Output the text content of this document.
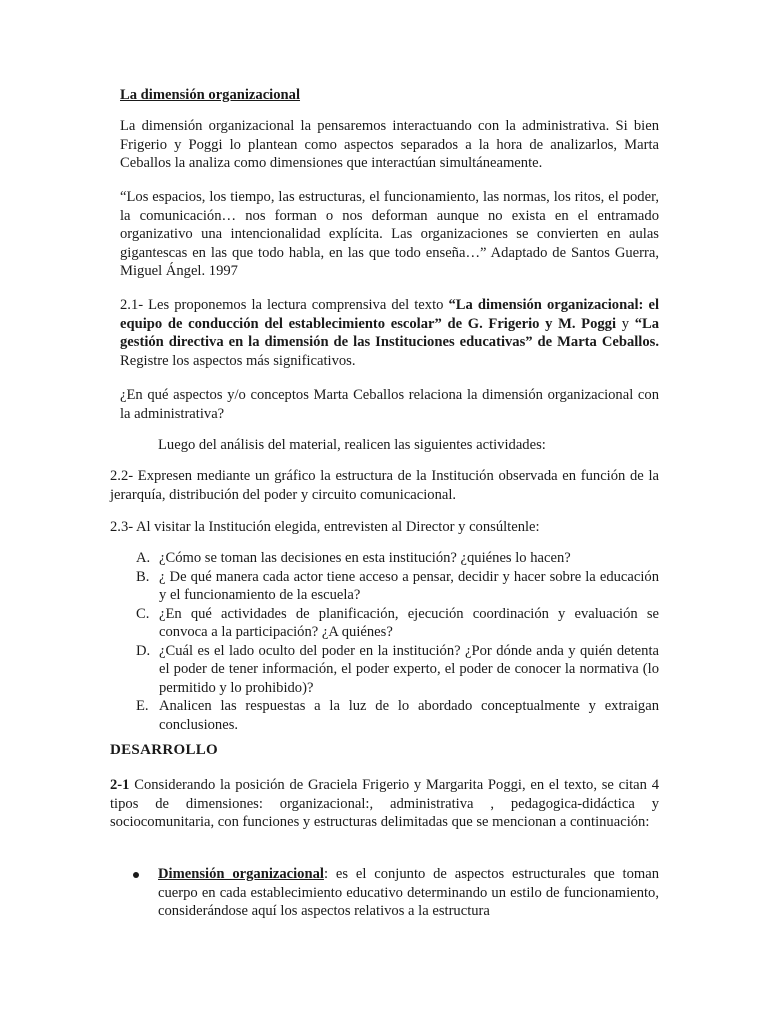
La dimensión organizacional
La dimensión organizacional la pensaremos interactuando con la administrativa. Si bien Frigerio y Poggi lo plantean como aspectos separados a la hora de analizarlos, Marta Ceballos la analiza como dimensiones que interactúan simultáneamente.
“Los espacios, los tiempo, las estructuras, el funcionamiento, las normas, los ritos, el poder, la comunicación… nos forman o nos deforman aunque no exista en el entramado organizativo una intencionalidad explícita. Las organizaciones se convierten en aulas gigantescas en las que todo habla, en las que todo enseña…” Adaptado de Santos Guerra, Miguel Ángel. 1997
2.1- Les proponemos la lectura comprensiva del texto “La dimensión organizacional: el equipo de conducción del establecimiento escolar” de G. Frigerio y M. Poggi y “La gestión directiva en la dimensión de las Instituciones educativas” de Marta Ceballos. Registre los aspectos más significativos.
¿En qué aspectos y/o conceptos Marta Ceballos relaciona la dimensión organizacional con la administrativa?
Luego del análisis del material, realicen las siguientes actividades:
2.2- Expresen mediante un gráfico la estructura de la Institución observada en función de la jerarquía, distribución del poder y circuito comunicacional.
2.3- Al visitar la Institución elegida, entrevisten al Director y consúltenle:
A. ¿Cómo se toman las decisiones en esta institución? ¿quiénes lo hacen?
B. ¿ De qué manera cada actor tiene acceso a pensar, decidir y hacer sobre la educación y el funcionamiento de la escuela?
C. ¿En qué actividades de planificación, ejecución coordinación y evaluación se convoca a la participación? ¿A quiénes?
D. ¿Cuál es el lado oculto del poder en la institución? ¿Por dónde anda y quién detenta el poder de tener información, el poder experto, el poder de conocer la normativa (lo permitido y lo prohibido)?
E. Analicen las respuestas a la luz de lo abordado conceptualmente y extraigan conclusiones.
DESARROLLO
2-1 Considerando la posición de Graciela Frigerio y Margarita Poggi, en el texto, se citan 4 tipos de dimensiones: organizacional:, administrativa , pedagogica-didáctica y sociocomunitaria, con funciones y estructuras delimitadas que se mencionan a continuación:
Dimensión organizacional: es el conjunto de aspectos estructurales que toman cuerpo en cada establecimiento educativo determinando un estilo de funcionamiento, considerándose aquí los aspectos relativos a la estructura
